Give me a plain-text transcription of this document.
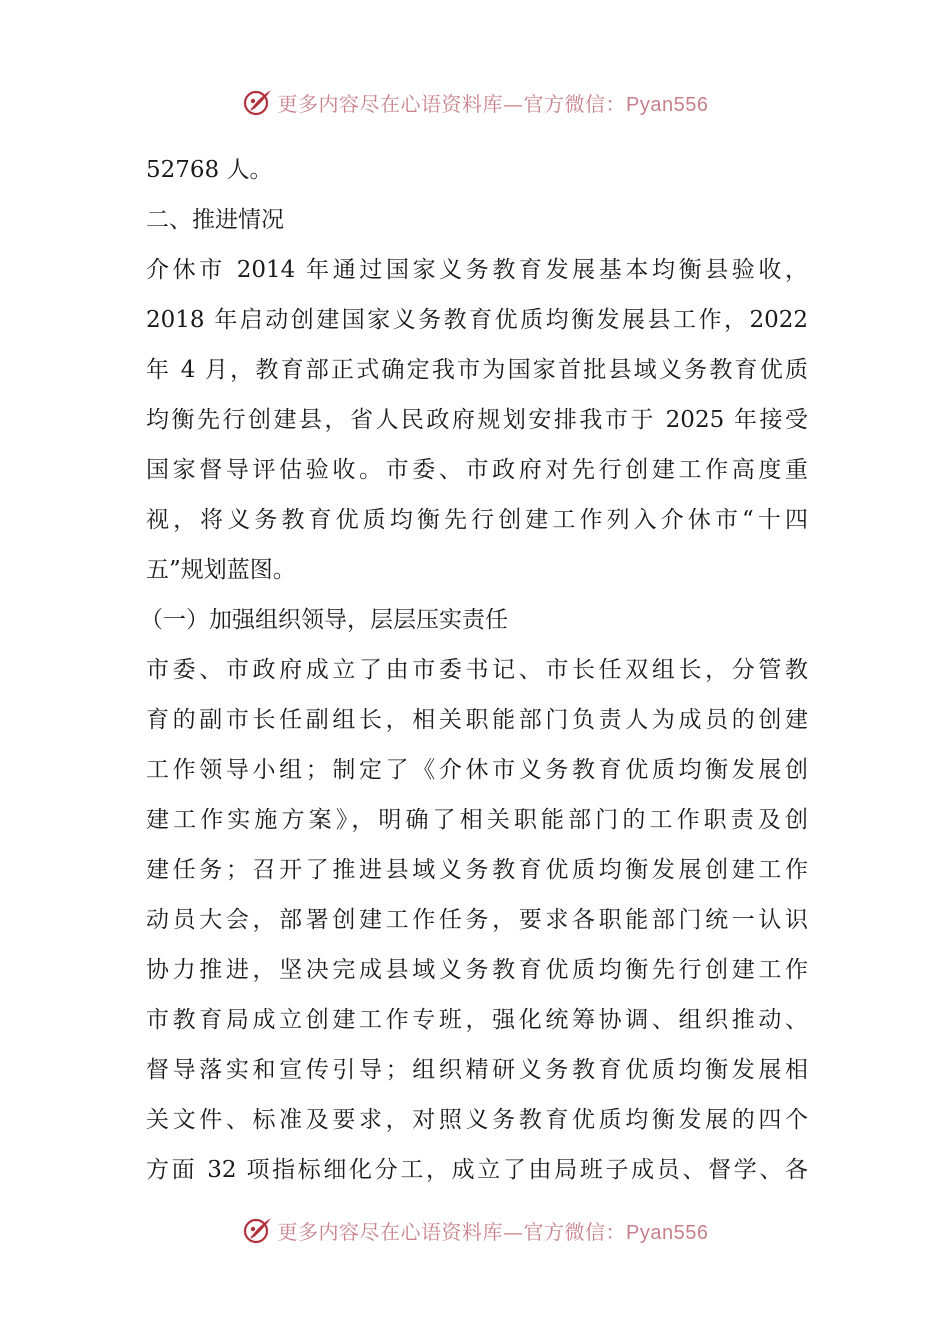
更多内容尽在心语资料库—官方微信：Pyan556
52768 人。
二、推进情况
介休市 2014 年通过国家义务教育发展基本均衡县验收，
2018 年启动创建国家义务教育优质均衡发展县工作，2022
年 4 月，教育部正式确定我市为国家首批县域义务教育优质
均衡先行创建县，省人民政府规划安排我市于 2025 年接受
国家督导评估验收。市委、市政府对先行创建工作高度重
视，将义务教育优质均衡先行创建工作列入介休市“十四
五”规划蓝图。
（一）加强组织领导，层层压实责任
市委、市政府成立了由市委书记、市长任双组长，分管教
育的副市长任副组长，相关职能部门负责人为成员的创建
工作领导小组；制定了《介休市义务教育优质均衡发展创
建工作实施方案》，明确了相关职能部门的工作职责及创
建任务；召开了推进县域义务教育优质均衡发展创建工作
动员大会，部署创建工作任务，要求各职能部门统一认识
协力推进，坚决完成县域义务教育优质均衡先行创建工作
市教育局成立创建工作专班，强化统筹协调、组织推动、
督导落实和宣传引导；组织精研义务教育优质均衡发展相
关文件、标准及要求，对照义务教育优质均衡发展的四个
方面 32 项指标细化分工，成立了由局班子成员、督学、各
更多内容尽在心语资料库—官方微信：Pyan556
